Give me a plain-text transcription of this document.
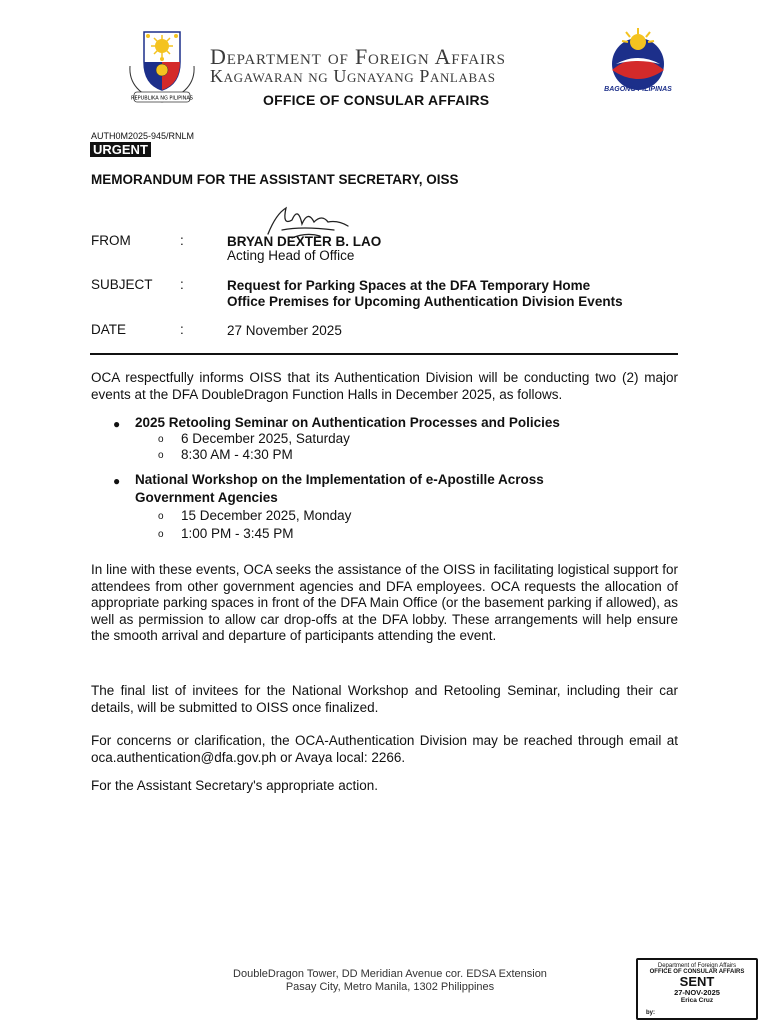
REPUBLIKA NG PILIPINAS
Department of Foreign Affairs
Kagawaran ng Ugnayang Panlabas
OFFICE OF CONSULAR AFFAIRS
BAGONG PILIPINAS
AUTH0M2025-945/RNLM
URGENT
MEMORANDUM FOR THE ASSISTANT SECRETARY, OISS
FROM	:	BRYAN DEXTER B. LAO
Acting Head of Office
SUBJECT :	Request for Parking Spaces at the DFA Temporary Home
Office Premises for Upcoming Authentication Division Events
DATE	:	27 November 2025
OCA respectfully informs OISS that its Authentication Division will be conducting two (2) major events at the DFA DoubleDragon Function Halls in December 2025, as follows.
● 2025 Retooling Seminar on Authentication Processes and Policies
o 6 December 2025, Saturday
o 8:30 AM - 4:30 PM
● National Workshop on the Implementation of e-Apostille Across Government Agencies
o 15 December 2025, Monday
o 1:00 PM - 3:45 PM
In line with these events, OCA seeks the assistance of the OISS in facilitating logistical support for attendees from other government agencies and DFA employees. OCA requests the allocation of appropriate parking spaces in front of the DFA Main Office (or the basement parking if allowed), as well as permission to allow car drop-offs at the DFA lobby. These arrangements will help ensure the smooth arrival and departure of participants attending the event.
The final list of invitees for the National Workshop and Retooling Seminar, including their car details, will be submitted to OISS once finalized.
For concerns or clarification, the OCA-Authentication Division may be reached through email at oca.authentication@dfa.gov.ph or Avaya local: 2266.
For the Assistant Secretary's appropriate action.
DoubleDragon Tower, DD Meridian Avenue cor. EDSA Extension
Pasay City, Metro Manila, 1302 Philippines
Department of Foreign Affairs
OFFICE OF CONSULAR AFFAIRS
SENT
27-NOV-2025
Erica Cruz
by:
